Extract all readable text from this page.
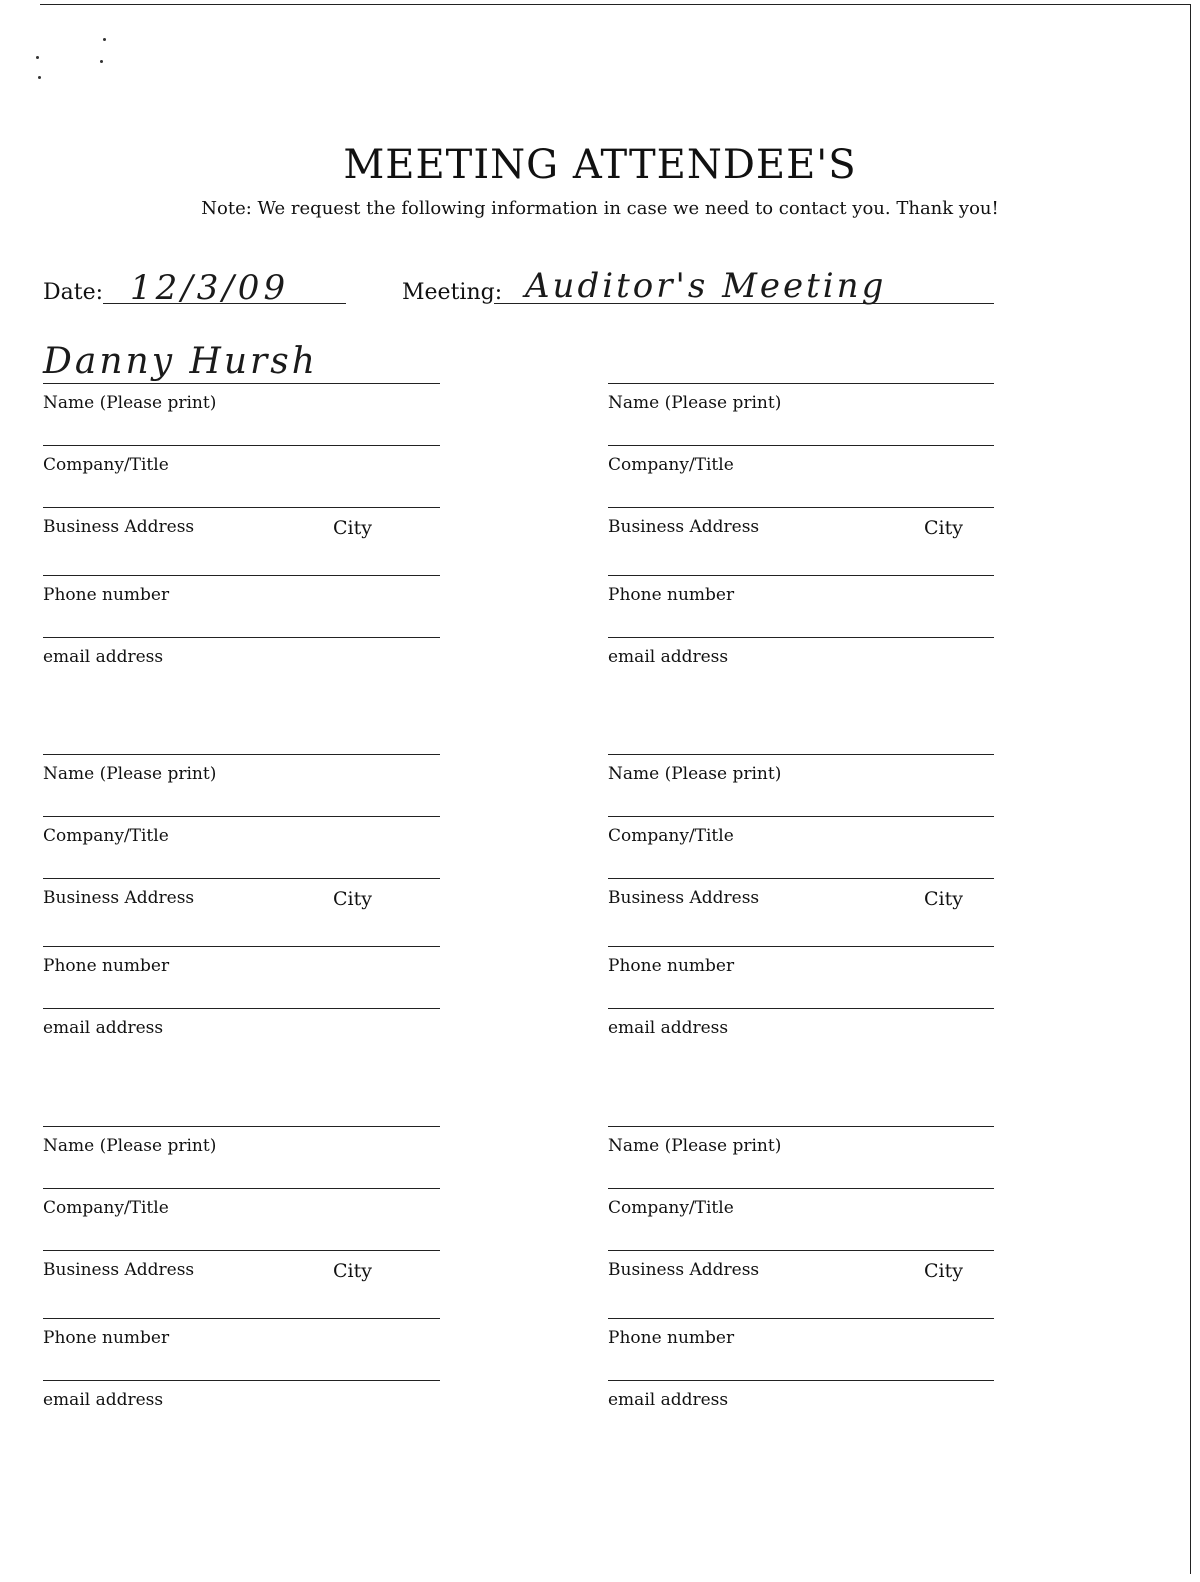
MEETING ATTENDEE'S
Note: We request the following information in case we need to contact you. Thank you!
Date: 12/3/09	Meeting: Auditor's Meeting
Name (Please print)
Danny Hursh
Company/Title
Business Address	City
Phone number
email address
Name (Please print)
Company/Title
Business Address	City
Phone number
email address
Name (Please print)
Company/Title
Business Address	City
Phone number
email address
Name (Please print)
Company/Title
Business Address	City
Phone number
email address
Name (Please print)
Company/Title
Business Address	City
Phone number
email address
Name (Please print)
Company/Title
Business Address	City
Phone number
email address
